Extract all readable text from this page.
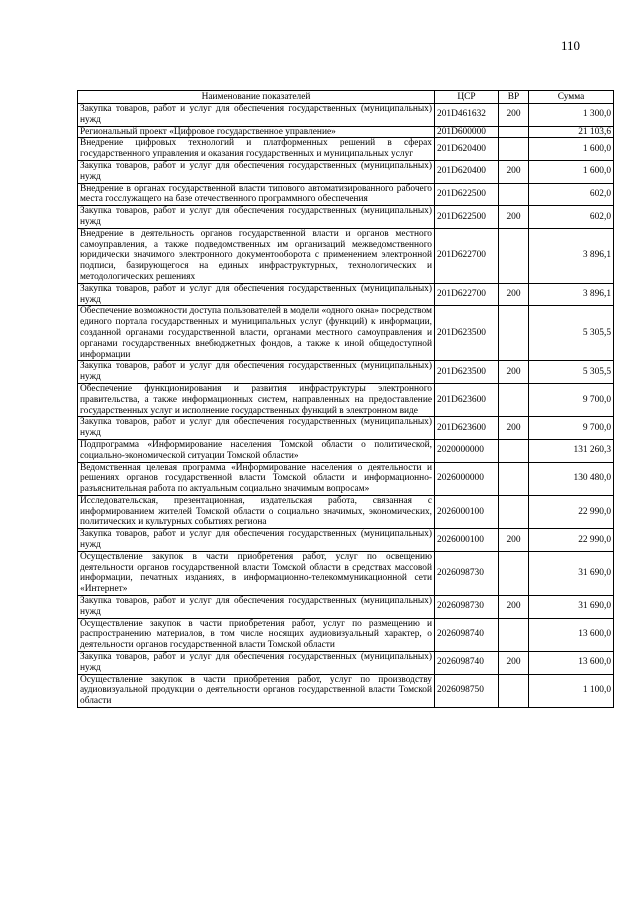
110
Наименование показателей	ЦСР	ВР	Сумма
Закупка товаров, работ и услуг для обеспечения государственных (муниципальных) нужд	201D461632	200	1 300,0
Региональный проект «Цифровое государственное управление»	201D600000		21 103,6
Внедрение цифровых технологий и платформенных решений в сферах государственного управления и оказания государственных и муниципальных услуг	201D620400		1 600,0
Закупка товаров, работ и услуг для обеспечения государственных (муниципальных) нужд	201D620400	200	1 600,0
Внедрение в органах государственной власти типового автоматизированного рабочего места госслужащего на базе отечественного программного обеспечения	201D622500		602,0
Закупка товаров, работ и услуг для обеспечения государственных (муниципальных) нужд	201D622500	200	602,0
Внедрение в деятельность органов государственной власти и органов местного самоуправления, а также подведомственных им организаций межведомственного юридически значимого электронного документооборота с применением электронной подписи, базирующегося на единых инфраструктурных, технологических и методологических решениях	201D622700		3 896,1
Закупка товаров, работ и услуг для обеспечения государственных (муниципальных) нужд	201D622700	200	3 896,1
Обеспечение возможности доступа пользователей в модели «одного окна» посредством единого портала государственных и муниципальных услуг (функций) к информации, созданной органами государственной власти, органами местного самоуправления и органами государственных внебюджетных фондов, а также к иной общедоступной информации	201D623500		5 305,5
Закупка товаров, работ и услуг для обеспечения государственных (муниципальных) нужд	201D623500	200	5 305,5
Обеспечение функционирования и развития инфраструктуры электронного правительства, а также информационных систем, направленных на предоставление государственных услуг и исполнение государственных функций в электронном виде	201D623600		9 700,0
Закупка товаров, работ и услуг для обеспечения государственных (муниципальных) нужд	201D623600	200	9 700,0
Подпрограмма «Информирование населения Томской области о политической, социально-экономической ситуации Томской области»	2020000000		131 260,3
Ведомственная целевая программа «Информирование населения о деятельности и решениях органов государственной власти Томской области и информационно-разъяснительная работа по актуальным социально значимым вопросам»	2026000000		130 480,0
Исследовательская, презентационная, издательская работа, связанная с информированием жителей Томской области о социально значимых, экономических, политических и культурных событиях региона	2026000100		22 990,0
Закупка товаров, работ и услуг для обеспечения государственных (муниципальных) нужд	2026000100	200	22 990,0
Осуществление закупок в части приобретения работ, услуг по освещению деятельности органов государственной власти Томской области в средствах массовой информации, печатных изданиях, в информационно-телекоммуникационной сети «Интернет»	2026098730		31 690,0
Закупка товаров, работ и услуг для обеспечения государственных (муниципальных) нужд	2026098730	200	31 690,0
Осуществление закупок в части приобретения работ, услуг по размещению и распространению материалов, в том числе носящих аудиовизуальный характер, о деятельности органов государственной власти Томской области	2026098740		13 600,0
Закупка товаров, работ и услуг для обеспечения государственных (муниципальных) нужд	2026098740	200	13 600,0
Осуществление закупок в части приобретения работ, услуг по производству аудиовизуальной продукции о деятельности органов государственной власти Томской области	2026098750		1 100,0
